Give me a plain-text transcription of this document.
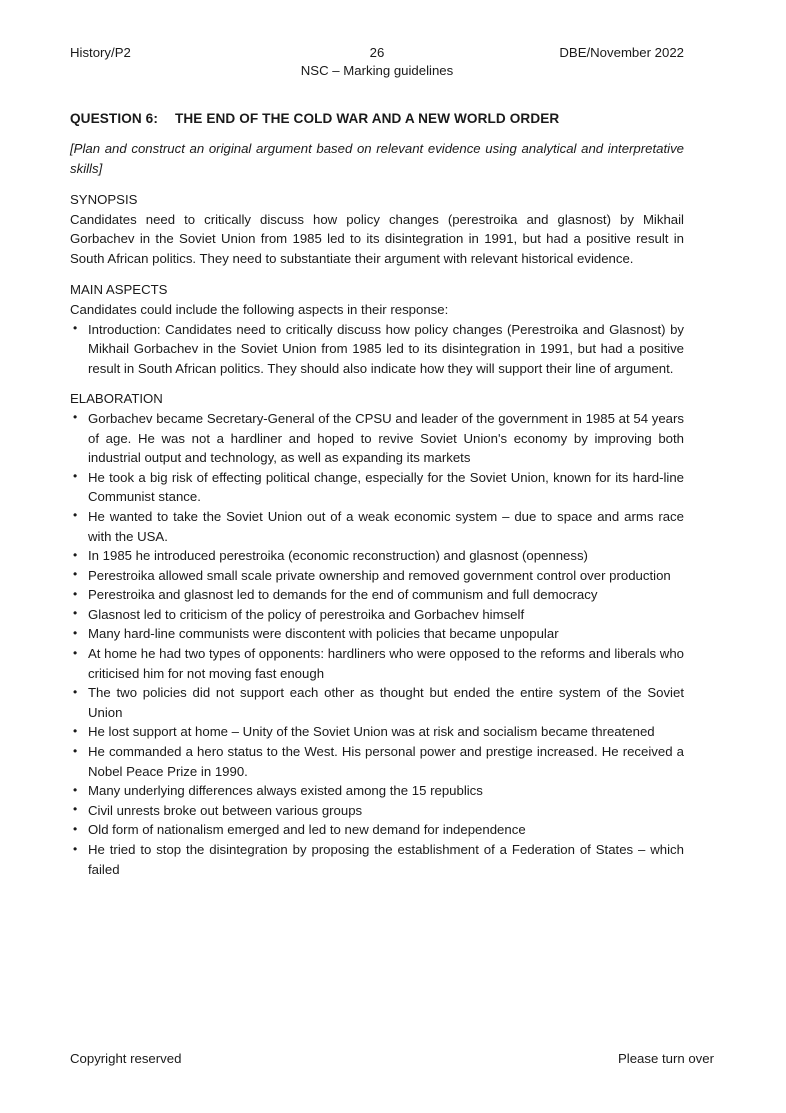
History/P2	26	DBE/November 2022
NSC – Marking guidelines
QUESTION 6: THE END OF THE COLD WAR AND A NEW WORLD ORDER
[Plan and construct an original argument based on relevant evidence using analytical and interpretative skills]
SYNOPSIS
Candidates need to critically discuss how policy changes (perestroika and glasnost) by Mikhail Gorbachev in the Soviet Union from 1985 led to its disintegration in 1991, but had a positive result in South African politics. They need to substantiate their argument with relevant historical evidence.
MAIN ASPECTS
Candidates could include the following aspects in their response:
• Introduction: Candidates need to critically discuss how policy changes (Perestroika and Glasnost) by Mikhail Gorbachev in the Soviet Union from 1985 led to its disintegration in 1991, but had a positive result in South African politics. They should also indicate how they will support their line of argument.
ELABORATION
• Gorbachev became Secretary-General of the CPSU and leader of the government in 1985 at 54 years of age. He was not a hardliner and hoped to revive Soviet Union's economy by improving both industrial output and technology, as well as expanding its markets
• He took a big risk of effecting political change, especially for the Soviet Union, known for its hard-line Communist stance.
• He wanted to take the Soviet Union out of a weak economic system – due to space and arms race with the USA.
• In 1985 he introduced perestroika (economic reconstruction) and glasnost (openness)
• Perestroika allowed small scale private ownership and removed government control over production
• Perestroika and glasnost led to demands for the end of communism and full democracy
• Glasnost led to criticism of the policy of perestroika and Gorbachev himself
• Many hard-line communists were discontent with policies that became unpopular
• At home he had two types of opponents: hardliners who were opposed to the reforms and liberals who criticised him for not moving fast enough
• The two policies did not support each other as thought but ended the entire system of the Soviet Union
• He lost support at home – Unity of the Soviet Union was at risk and socialism became threatened
• He commanded a hero status to the West. His personal power and prestige increased. He received a Nobel Peace Prize in 1990.
• Many underlying differences always existed among the 15 republics
• Civil unrests broke out between various groups
• Old form of nationalism emerged and led to new demand for independence
• He tried to stop the disintegration by proposing the establishment of a Federation of States – which failed
Copyright reserved	Please turn over
